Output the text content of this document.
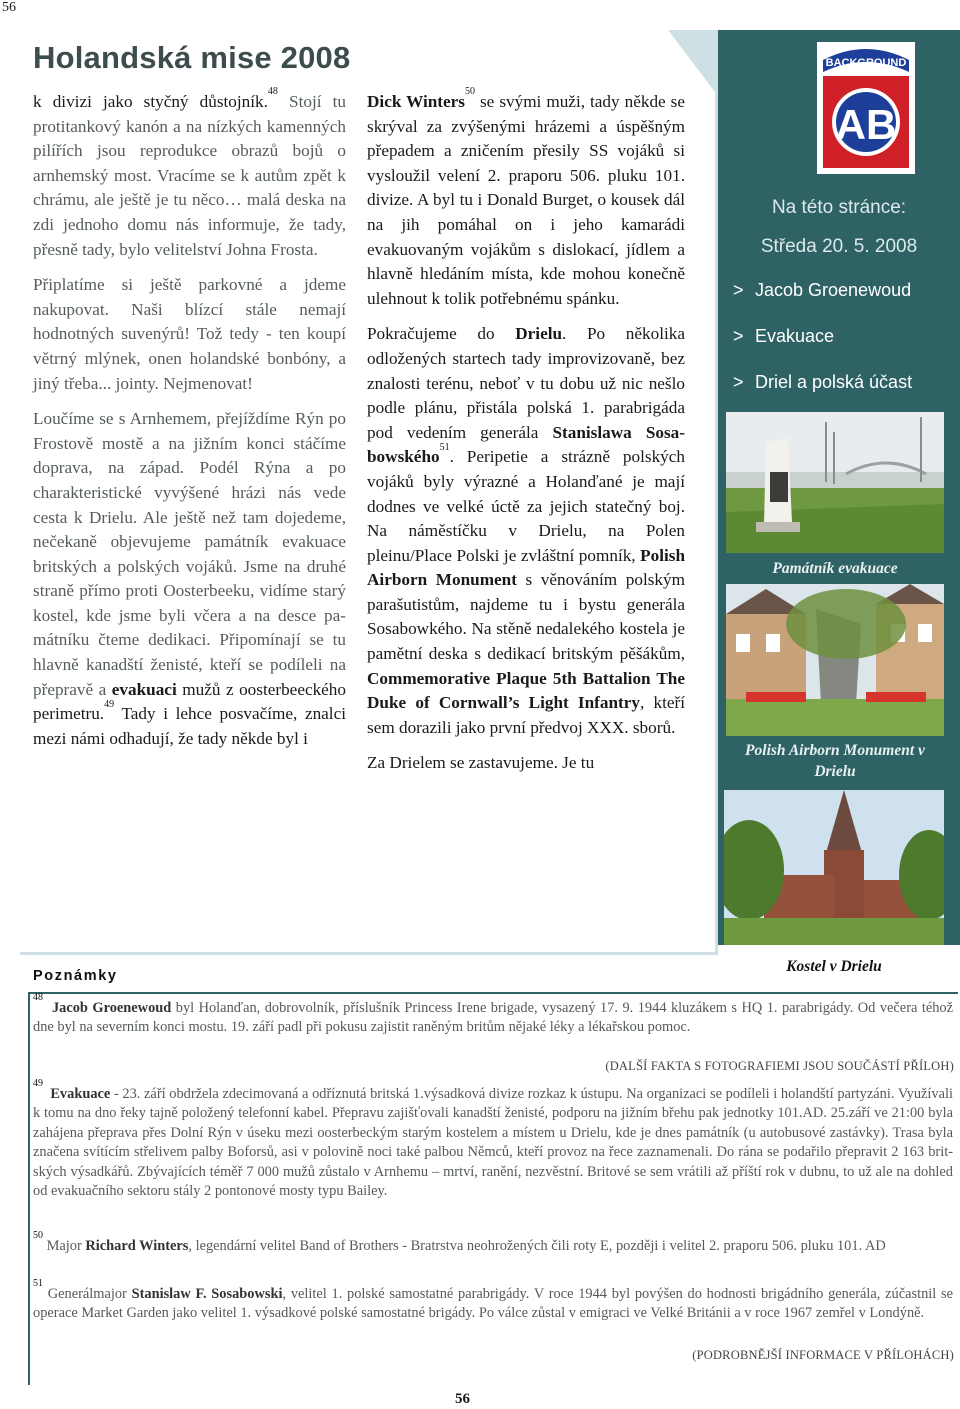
56
Holandská mise 2008

k divizi jako styčný důstojník.$^{48}$ Stojí tu protitankový kanón a na nízkých kamenných pilířích jsou reprodukce obrazů bojů o arnhemský most. Vracíme se k autům zpět k chrámu, ale ještě je tu něco… malá deska na zdi jednoho domu nás informuje, že tady, přesně tady, bylo velitelství Johna Frosta.

Připlatíme si ještě parkovné a jdeme nakupovat. Naši blízcí stále nemají hodnotných suvenýrů! Tož tedy - ten koupí větrný mlýnek, onen holandské bonbóny, a jiný třeba... jointy. Nejmenovat!

Loučíme se s Arnhemem, přejíždíme Rýn po Frostově mostě a na jižním konci stáčíme doprava, na západ. Podél Rýna a po charakteristické vyvýšené hrázi nás vede cesta k Drielu. Ale ještě než tam dojedeme, nečekaně objevujeme památník evakuace britských a polských vojáků. Jsme na druhé straně přímo proti Oosterbeeku, vidíme starý kostel, kde jsme byli včera a na desce památníku čteme dedikaci. Připomínají se tu hlavně kanadští ženisté, kteří se podíleli na přepravě a evakuaci mužů z oosterbeeckého perimetru.$^{49}$ Tady i lehce posvačíme, znalci mezi námi odhadují, že tady někde byl i

Dick Winters$^{50}$ se svými muži, tady někde se skrýval za zvýšenými hrázemi a úspěšným přepadem a zničením přesily SS vojáků si vysloužil velení 2. praporu 506. pluku 101. divize. A byl tu i Donald Burget, o kousek dál na jih pomáhal on i jeho kamarádi evakuovaným vojákům s dislokací, jídlem a hlavně hledáním místa, kde mohou konečně ulehnout k tolik potřebnému spánku.

Pokračujeme do Drielu. Po několika odložených startech tady improvizovaně, bez znalosti terénu, neboť v tu dobu už nic nešlo podle plánu, přistála polská 1. parabrigáda pod vedením generála Stanislawa Sosabowského$^{51}$. Peripetie a strázně polských vojáků byly výrazné a Holanďané je mají dodnes ve velké úctě za jejich statečný boj. Na náměstíčku v Drielu, na Polen pleinu/Place Polski je zvláštní pomník, Polish Airborn Monument s věnováním polským parašutistům, najdeme tu i bystu generála Sosabowkého. Na stěně nedalekého kostela je pamětní deska s dedikací britským pěšákům, Commemorative Plaque 5th Battalion The Duke of Cornwall’s Light Infantry, kteří sem dorazili jako první předvoj XXX. sborů.

Za Drielem se zastavujeme. Je tu

BACKGROUND
AB
Na této stránce:
Středa 20. 5. 2008
> Jacob Groenewoud
> Evakuace
> Driel a polská účast
Památník evakuace
Polish Airborn Monument v Drielu
Kostel v Drielu
Poznámky
$^{48}$  Jacob Groenewoud byl Holanďan, dobrovolník, příslušník Princess Irene brigade, vysazený 17. 9. 1944 kluzákem s HQ 1. parabrigády. Od večera téhož dne byl na severním konci mostu. 19. září padl při pokusu zajistit raněným britům nějaké léky a lékařskou pomoc.
(DALŠÍ FAKTA S FOTOGRAFIEMI JSOU SOUČÁSTÍ PŘÍLOH)
$^{49}$  Evakuace - 23. září obdržela zdecimovaná a odříznutá britská 1.výsadková divize rozkaz k ústupu. Na organizaci se podíleli i holandští partyzáni. Využívali k tomu na dno řeky tajně položený telefonní kabel. Přepravu zajišťovali kanadští ženisté, podporu na jižním břehu pak jednotky 101.AD. 25.září ve 21:00 byla zahájena přeprava přes Dolní Rýn v úseku mezi oosterbeckým starým kostelem a místem u Drielu, kde je dnes památník (u autobusové zastávky). Trasa byla značena svítícím střelivem palby Boforsů, asi v polovině noci také palbou Němců, kteří provoz na řece zaznamenali. Do rána se podařilo přepravit 2 163 britských výsadkářů. Zbývajících téměř 7 000 mužů zůstalo v Arnhemu – mrtví, ranění, nezvěstní. Britové se sem vrátili až příští rok v dubnu, to už ale na dohled od evakuačního sektoru stály 2 pontonové mosty typu Bailey.
$^{50}$ Major Richard Winters, legendární velitel Band of Brothers - Bratrstva neohrožených čili roty E, později i velitel 2. praporu 506. pluku 101. AD
$^{51}$ Generálmajor Stanislaw F. Sosabowski, velitel 1. polské samostatné parabrigády. V roce 1944 byl povýšen do hodnosti brigádního generála, zúčastnil se operace Market Garden jako velitel 1. výsadkové polské samostatné brigády. Po válce zůstal v emigraci ve Velké Británii a v roce 1967 zemřel v Londýně.
(PODROBNĚJŠÍ INFORMACE V PŘÍLOHÁCH)
56
